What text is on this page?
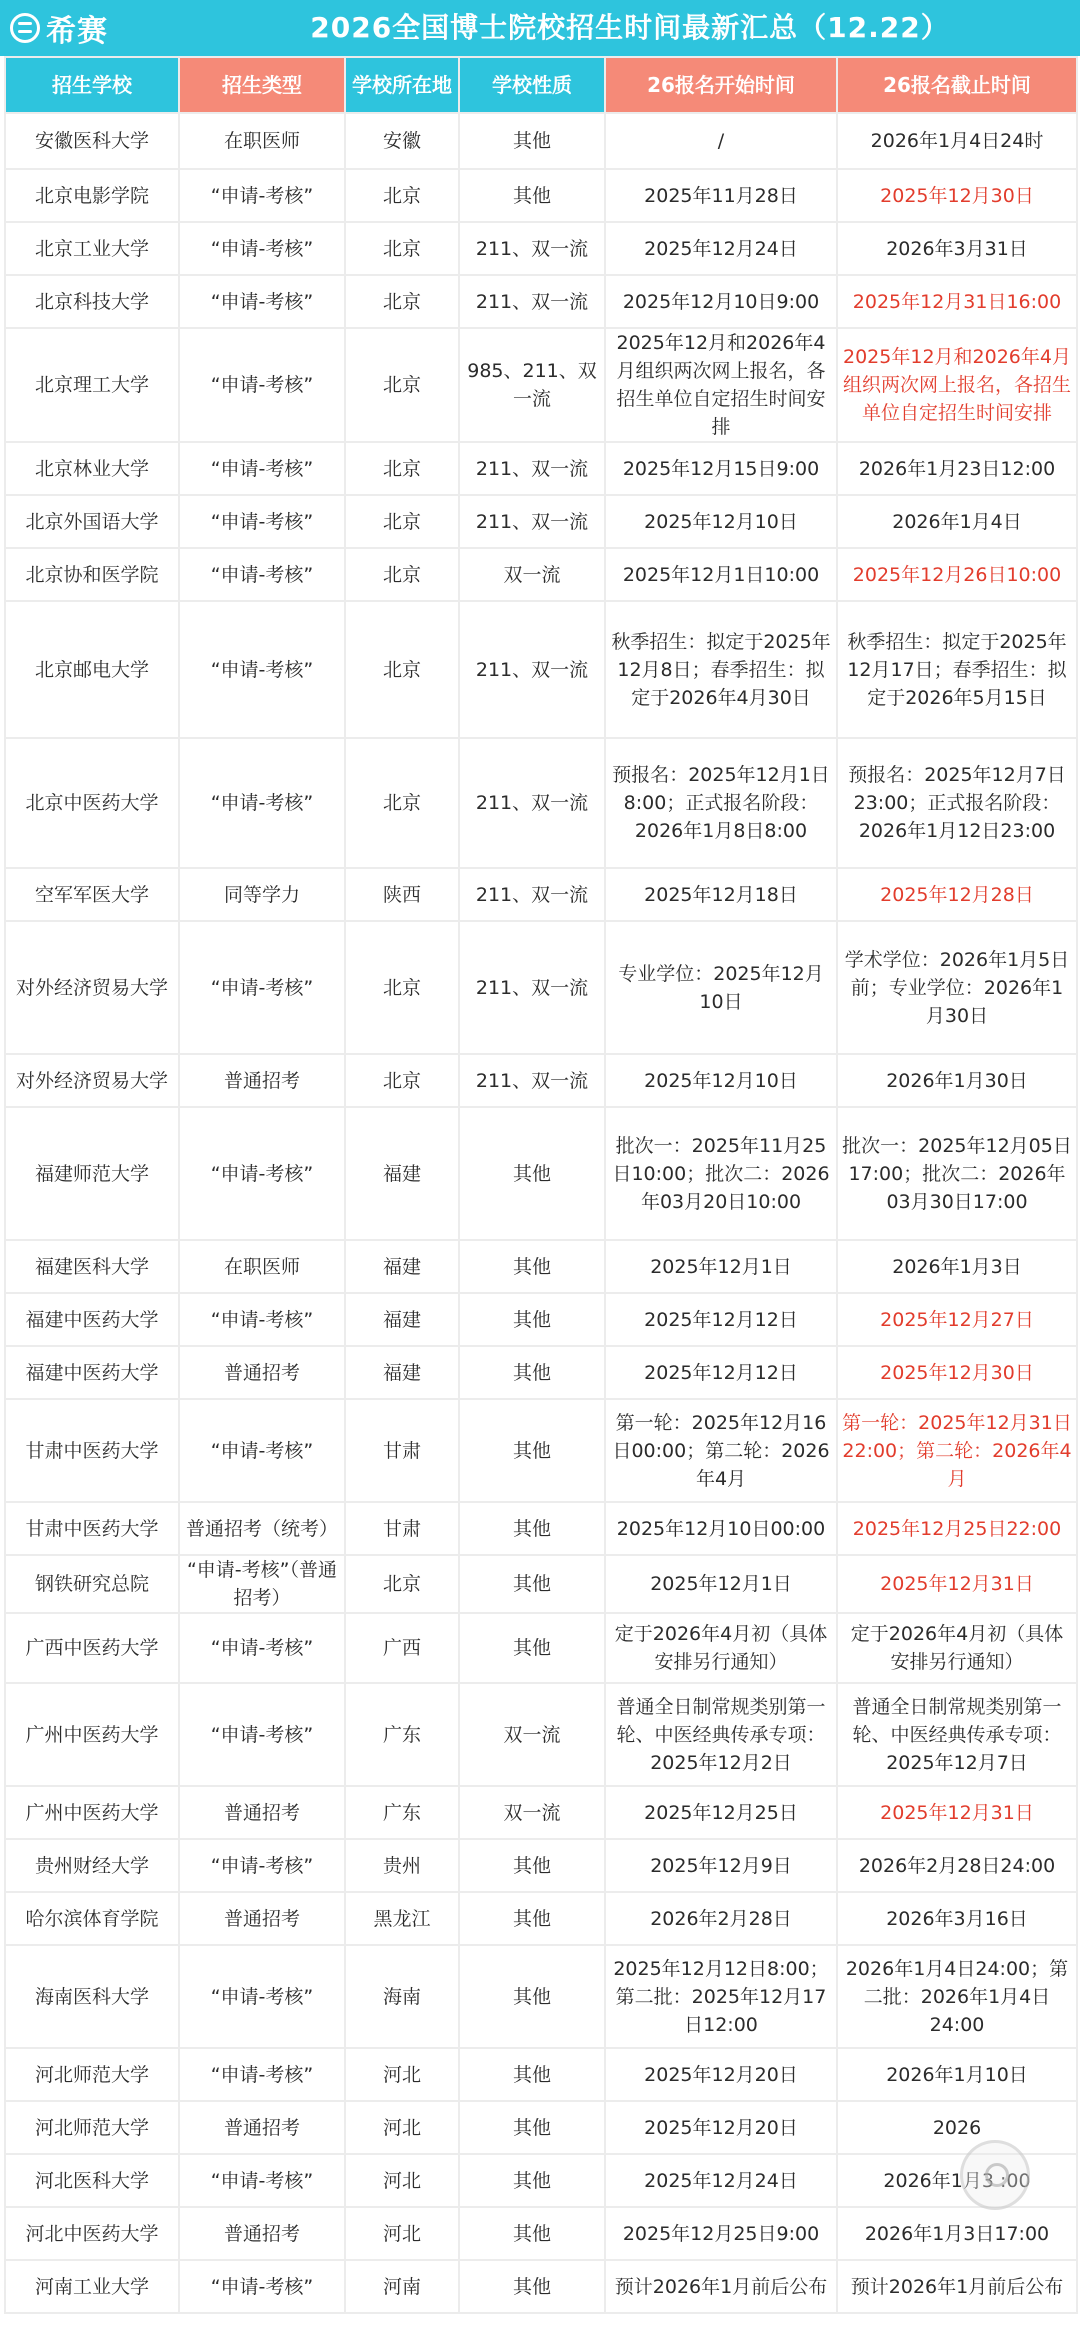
希赛	2026全国博士院校招生时间最新汇总（12.22）
招生学校	招生类型	学校所在地	学校性质	26报名开始时间	26报名截止时间
安徽医科大学	在职医师	安徽	其他	/	2026年1月4日24时
北京电影学院	“申请-考核”	北京	其他	2025年11月28日	2025年12月30日
北京工业大学	“申请-考核”	北京	211、双一流	2025年12月24日	2026年3月31日
北京科技大学	“申请-考核”	北京	211、双一流	2025年12月10日9:00	2025年12月31日16:00
北京理工大学	“申请-考核”	北京	985、211、双一流	2025年12月和2026年4月组织两次网上报名，各招生单位自定招生时间安排	2025年12月和2026年4月组织两次网上报名，各招生单位自定招生时间安排
北京林业大学	“申请-考核”	北京	211、双一流	2025年12月15日9:00	2026年1月23日12:00
北京外国语大学	“申请-考核”	北京	211、双一流	2025年12月10日	2026年1月4日
北京协和医学院	“申请-考核”	北京	双一流	2025年12月1日10:00	2025年12月26日10:00
北京邮电大学	“申请-考核”	北京	211、双一流	秋季招生：拟定于2025年12月8日；春季招生：拟定于2026年4月30日	秋季招生：拟定于2025年12月17日；春季招生：拟定于2026年5月15日
北京中医药大学	“申请-考核”	北京	211、双一流	预报名：2025年12月1日8:00；正式报名阶段：2026年1月8日8:00	预报名：2025年12月7日23:00；正式报名阶段：2026年1月12日23:00
空军军医大学	同等学力	陕西	211、双一流	2025年12月18日	2025年12月28日
对外经济贸易大学	“申请-考核”	北京	211、双一流	专业学位：2025年12月10日	学术学位：2026年1月5日前；专业学位：2026年1月30日
对外经济贸易大学	普通招考	北京	211、双一流	2025年12月10日	2026年1月30日
福建师范大学	“申请-考核”	福建	其他	批次一：2025年11月25日10:00；批次二：2026年03月20日10:00	批次一：2025年12月05日17:00；批次二：2026年03月30日17:00
福建医科大学	在职医师	福建	其他	2025年12月1日	2026年1月3日
福建中医药大学	“申请-考核”	福建	其他	2025年12月12日	2025年12月27日
福建中医药大学	普通招考	福建	其他	2025年12月12日	2025年12月30日
甘肃中医药大学	“申请-考核”	甘肃	其他	第一轮：2025年12月16日00:00；第二轮：2026年4月	第一轮：2025年12月31日22:00；第二轮：2026年4月
甘肃中医药大学	普通招考（统考）	甘肃	其他	2025年12月10日00:00	2025年12月25日22:00
钢铁研究总院	“申请-考核”（普通招考）	北京	其他	2025年12月1日	2025年12月31日
广西中医药大学	“申请-考核”	广西	其他	定于2026年4月初（具体安排另行通知）	定于2026年4月初（具体安排另行通知）
广州中医药大学	“申请-考核”	广东	双一流	普通全日制常规类别第一轮、中医经典传承专项：2025年12月2日	普通全日制常规类别第一轮、中医经典传承专项：2025年12月7日
广州中医药大学	普通招考	广东	双一流	2025年12月25日	2025年12月31日
贵州财经大学	“申请-考核”	贵州	其他	2025年12月9日	2026年2月28日24:00
哈尔滨体育学院	普通招考	黑龙江	其他	2026年2月28日	2026年3月16日
海南医科大学	“申请-考核”	海南	其他	2025年12月12日8:00；第二批：2025年12月17日12:00	2026年1月4日24:00；第二批：2026年1月4日24:00
河北师范大学	“申请-考核”	河北	其他	2025年12月20日	2026年1月10日
河北师范大学	普通招考	河北	其他	2025年12月20日	2026
河北医科大学	“申请-考核”	河北	其他	2025年12月24日	2026年1月3 :00
河北中医药大学	普通招考	河北	其他	2025年12月25日9:00	2026年1月3日17:00
河南工业大学	“申请-考核”	河南	其他	预计2026年1月前后公布	预计2026年1月前后公布
